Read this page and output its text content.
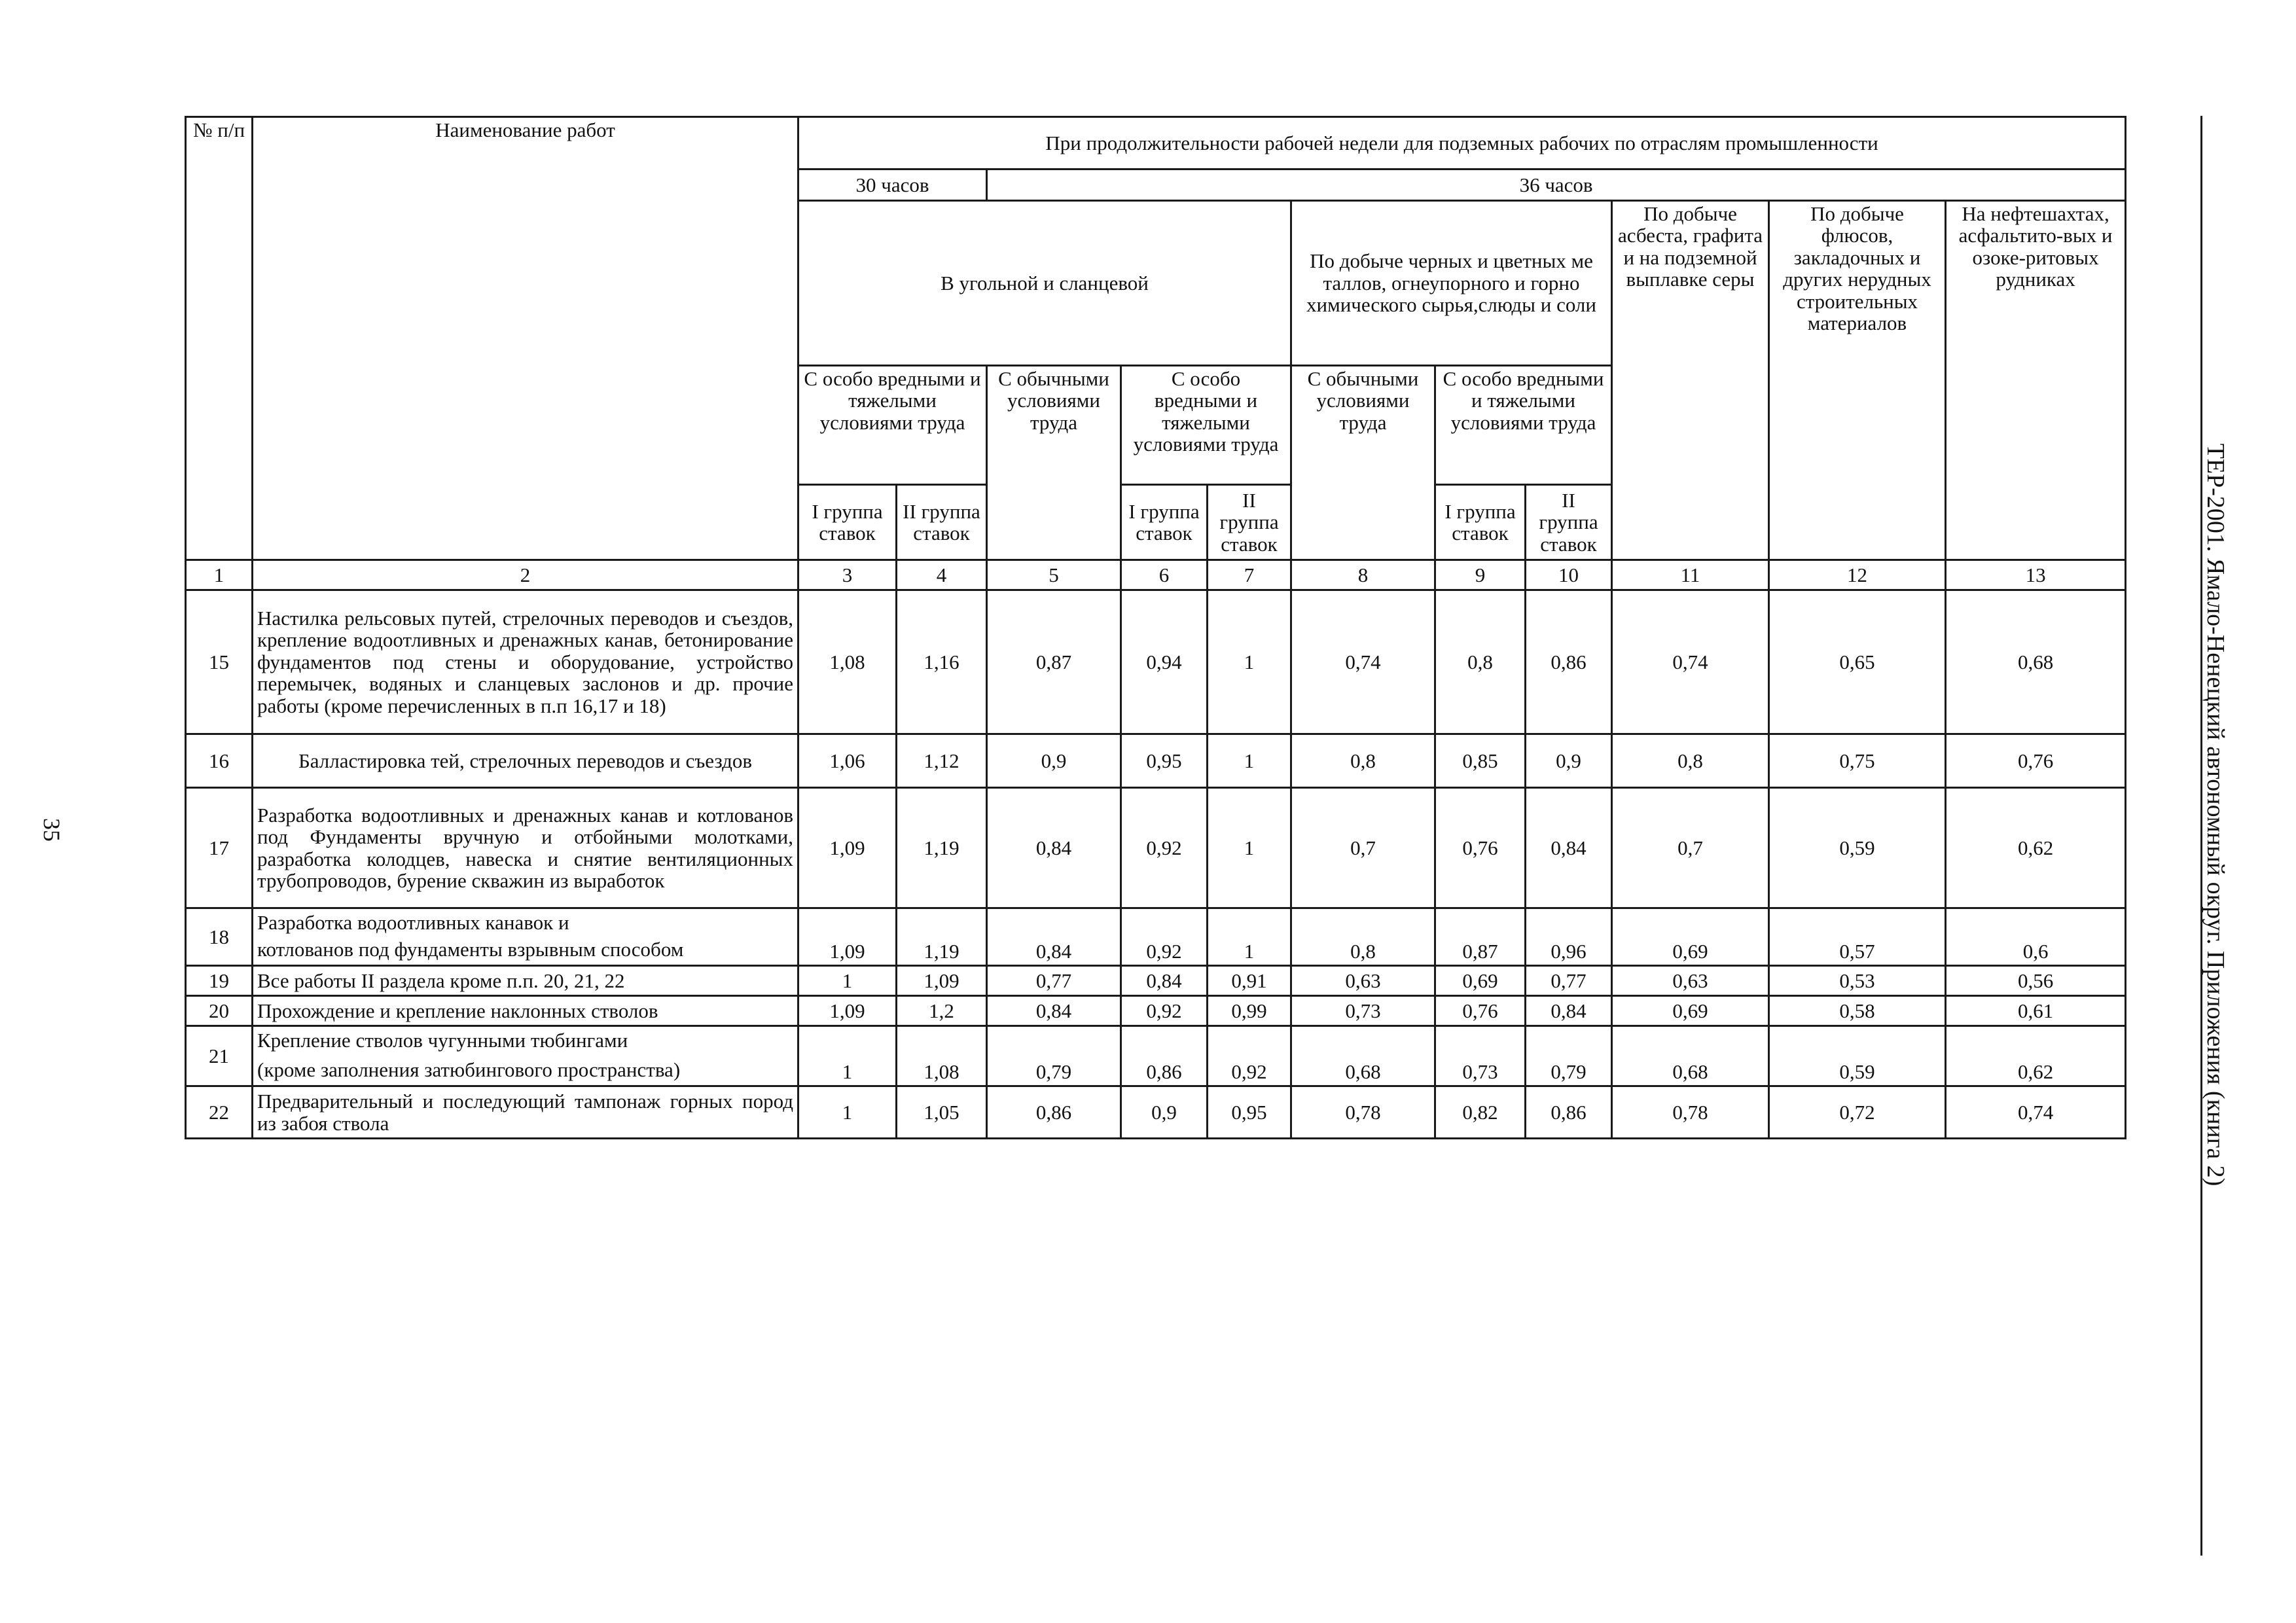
35	ТЕР-2001. Ямало-Ненецкий автономный округ. Приложения (книга 2)
№ п/п	Наименование работ	При продолжительности рабочей недели для подземных рабочих по отраслям промышленности										
		30 часов		36 часов								
		В угольной и сланцевой					По добыче черных и цветных ме таллов, огнеупорного и горно химического сырья,слюды и соли			По добыче асбеста, графита и на подземной выплавке серы	По добыче флюсов, закладочных и других нерудных строительных материалов	На нефтешахтах, асфальтито-вых и озоке-ритовых рудниках
		С особо вредными и тяжелыми условиями труда		С обычными условиями труда	С особо вредными и тяжелыми условиями труда		С обычными условиями труда	С особо вредными и тяжелыми условиями труда				
		I группа ставок	II группа ставок		I группа ставок	II группа ставок		I группа ставок	II группа ставок			
1	2	3	4	5	6	7	8	9	10	11	12	13
15	Настилка рельсовых путей, стрелочных переводов и съездов, крепление водоотливных и дренажных канав, бетонирование фундаментов под стены и оборудование, устройство перемычек, водяных и сланцевых заслонов и др. прочие работы (кроме перечисленных в п.п 16,17 и 18)	1,08	1,16	0,87	0,94	1	0,74	0,8	0,86	0,74	0,65	0,68
16	Балластировка тей, стрелочных переводов и съездов	1,06	1,12	0,9	0,95	1	0,8	0,85	0,9	0,8	0,75	0,76
17	Разработка водоотливных и дренажных канав и котлованов под Фундаменты вручную и отбойными молотками, разработка колодцев, навеска и снятие вентиляционных трубопроводов, бурение скважин из выработок	1,09	1,19	0,84	0,92	1	0,7	0,76	0,84	0,7	0,59	0,62
18	Разработка водоотливных канавок и
котлованов под фундаменты взрывным способом	1,09	1,19	0,84	0,92	1	0,8	0,87	0,96	0,69	0,57	0,6
19	Все работы II раздела кроме п.п. 20, 21, 22	1	1,09	0,77	0,84	0,91	0,63	0,69	0,77	0,63	0,53	0,56
20	Прохождение и крепление наклонных стволов	1,09	1,2	0,84	0,92	0,99	0,73	0,76	0,84	0,69	0,58	0,61
21	Крепление стволов чугунными тюбингами
(кроме заполнения затюбингового пространства)	1	1,08	0,79	0,86	0,92	0,68	0,73	0,79	0,68	0,59	0,62
22	Предварительный и последующий тампонаж горных пород из забоя ствола	1	1,05	0,86	0,9	0,95	0,78	0,82	0,86	0,78	0,72	0,74
